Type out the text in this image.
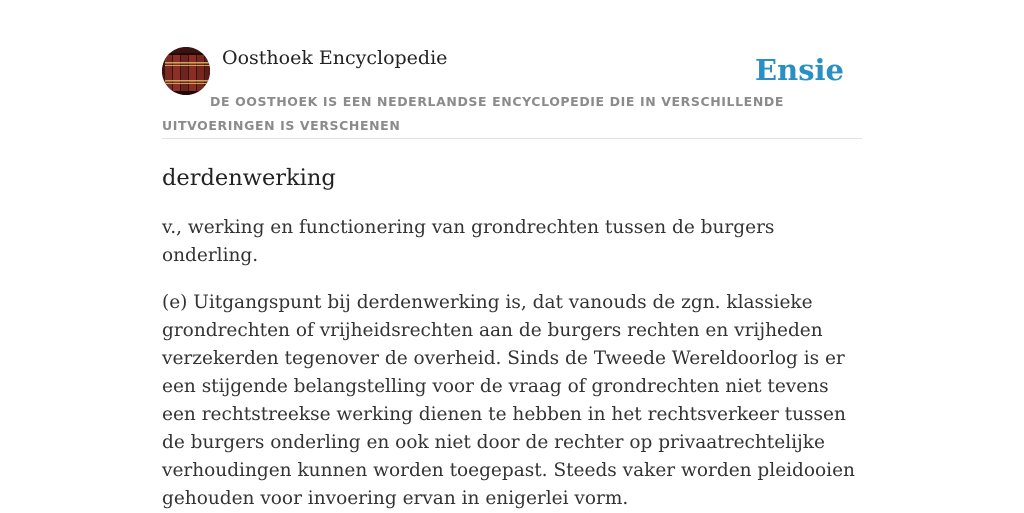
Oosthoek Encyclopedie	Ensie
DE OOSTHOEK IS EEN NEDERLANDSE ENCYCLOPEDIE DIE IN VERSCHILLENDE UITVOERINGEN IS VERSCHENEN
derdenwerking

v., werking en functionering van grondrechten tussen de burgers onderling.

(e) Uitgangspunt bij derdenwerking is, dat vanouds de zgn. klassieke grondrechten of vrijheidsrechten aan de burgers rechten en vrijheden verzekerden tegenover de overheid. Sinds de Tweede Wereldoorlog is er een stijgende belangstelling voor de vraag of grondrechten niet tevens een rechtstreekse werking dienen te hebben in het rechtsverkeer tussen de burgers onderling en ook niet door de rechter op privaatrechtelijke verhoudingen kunnen worden toegepast. Steeds vaker worden pleidooien gehouden voor invoering ervan in enigerlei vorm.
